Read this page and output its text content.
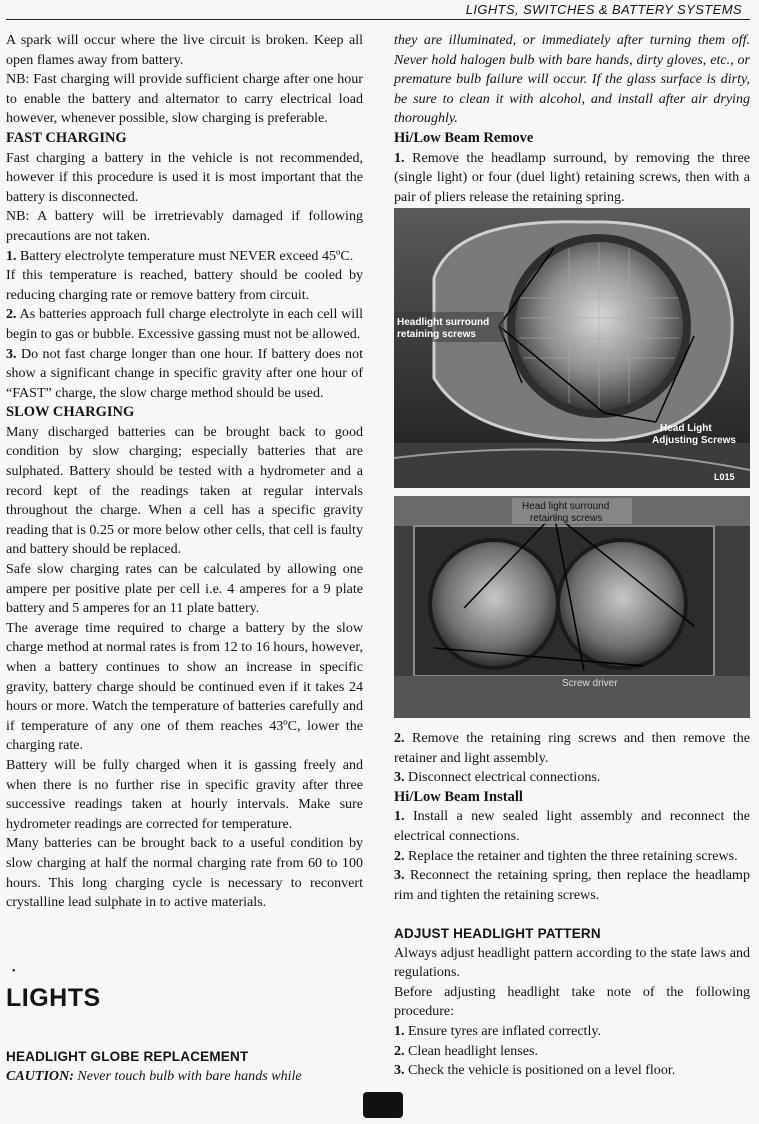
LIGHTS, SWITCHES & BATTERY SYSTEMS

A spark will occur where the live circuit is broken. Keep all open flames away from battery.

NB: Fast charging will provide sufficient charge after one hour to enable the battery and alternator to carry electrical load however, whenever possible, slow charging is preferable.

FAST CHARGING

Fast charging a battery in the vehicle is not recommended, however if this procedure is used it is most important that the battery is disconnected.

NB: A battery will be irretrievably damaged if following precautions are not taken.

1. Battery electrolyte temperature must NEVER exceed 45ºC.

If this temperature is reached, battery should be cooled by reducing charging rate or remove battery from circuit.

2. As batteries approach full charge electrolyte in each cell will begin to gas or bubble. Excessive gassing must not be allowed.

3. Do not fast charge longer than one hour. If battery does not show a significant change in specific gravity after one hour of “FAST” charge, the slow charge method should be used.

SLOW CHARGING

Many discharged batteries can be brought back to good condition by slow charging; especially batteries that are sulphated. Battery should be tested with a hydrometer and a record kept of the readings taken at regular intervals throughout the charge. When a cell has a specific gravity reading that is 0.25 or more below other cells, that cell is faulty and battery should be replaced.

Safe slow charging rates can be calculated by allowing one ampere per positive plate per cell i.e. 4 amperes for a 9 plate battery and 5 amperes for an 11 plate battery.

The average time required to charge a battery by the slow charge method at normal rates is from 12 to 16 hours, however, when a battery continues to show an increase in specific gravity, battery charge should be continued even if it takes 24 hours or more. Watch the temperature of batteries carefully and if temperature of any one of them reaches 43ºC, lower the charging rate.

Battery will be fully charged when it is gassing freely and when there is no further rise in specific gravity after three successive readings taken at hourly intervals. Make sure hydrometer readings are corrected for temperature.

Many batteries can be brought back to a useful condition by slow charging at half the normal charging rate from 60 to 100 hours. This long charging cycle is necessary to reconvert crystalline lead sulphate in to active materials.

•
LIGHTS

HEADLIGHT GLOBE REPLACEMENT

CAUTION: Never touch bulb with bare hands while

they are illuminated, or immediately after turning them off. Never hold halogen bulb with bare hands, dirty gloves, etc., or premature bulb failure will occur. If the glass surface is dirty, be sure to clean it with alcohol, and install after air drying thoroughly.

Hi/Low Beam Remove

1. Remove the headlamp surround, by removing the three (single light) or four (duel light) retaining screws, then with a pair of pliers release the retaining spring.

Headlight surround
retaining screws
Head Light
Adjusting Screws
L015
Head light surround
retaining screws
Screw driver

2. Remove the retaining ring screws and then remove the retainer and light assembly.

3. Disconnect electrical connections.

Hi/Low Beam Install

1. Install a new sealed light assembly and reconnect the electrical connections.

2. Replace the retainer and tighten the three retaining screws.

3. Reconnect the retaining spring, then replace the headlamp rim and tighten the retaining screws.

ADJUST HEADLIGHT PATTERN

Always adjust headlight pattern according to the state laws and regulations.

Before adjusting headlight take note of the following procedure:

1. Ensure tyres are inflated correctly.

2. Clean headlight lenses.

3. Check the vehicle is positioned on a level floor.
